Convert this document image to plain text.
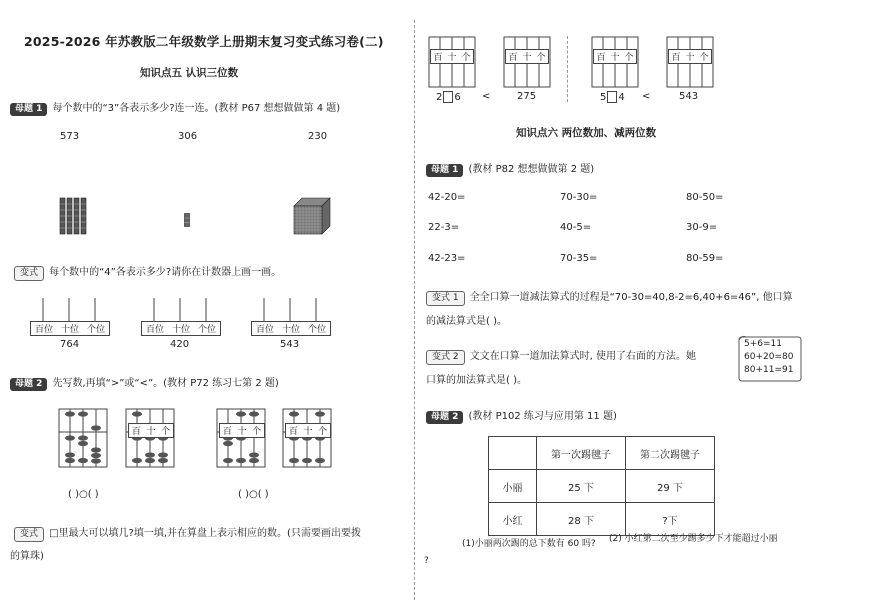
2025-2026 年苏教版二年级数学上册期末复习变式练习卷(二)
知识点五 认识三位数
母题 1 每个数中的“3”各表示多少?连一连。(教材 P67 想想做做第 4 题)
573	306	230
变式 每个数中的“4”各表示多少?请你在计数器上画一画。
百位 十位 个位
764
百位 十位 个位
420
百位 十位 个位
543
母题 2 先写数,再填“>”或“<”。(教材 P72 练习七第 2 题)
百 十 个	百 十 个	百 十 个
( )○( )	( )○( )
变式 □里最大可以填几?填一填,并在算盘上表示相应的数。(只需要画出要拨
的算珠)
百 十 个	百 十 个	百 十 个	百 十 个
2 6 <	275	5 4 <	543
知识点六 两位数加、减两位数
母题 1 (教材 P82 想想做做第 2 题)
42-20=	70-30=	80-50=
22-3=	40-5=	30-9=
42-23=	70-35=	80-59=
变式 1 全全口算一道减法算式的过程是“70-30=40,8-2=6,40+6=46”, 他口算
的减法算式是( )。
变式 2 文文在口算一道加法算式时, 使用了右面的方法。她
口算的加法算式是( )。
5+6=11
60+20=80
80+11=91
母题 2 (教材 P102 练习与应用第 11 题)
	第一次踢毽子	第二次踢毽子
小丽	25 下	29 下
小红	28 下	?下
(1)小丽两次踢的总下数有 60 吗? (2) 小红第二次至少踢多少下才能超过小丽
?
